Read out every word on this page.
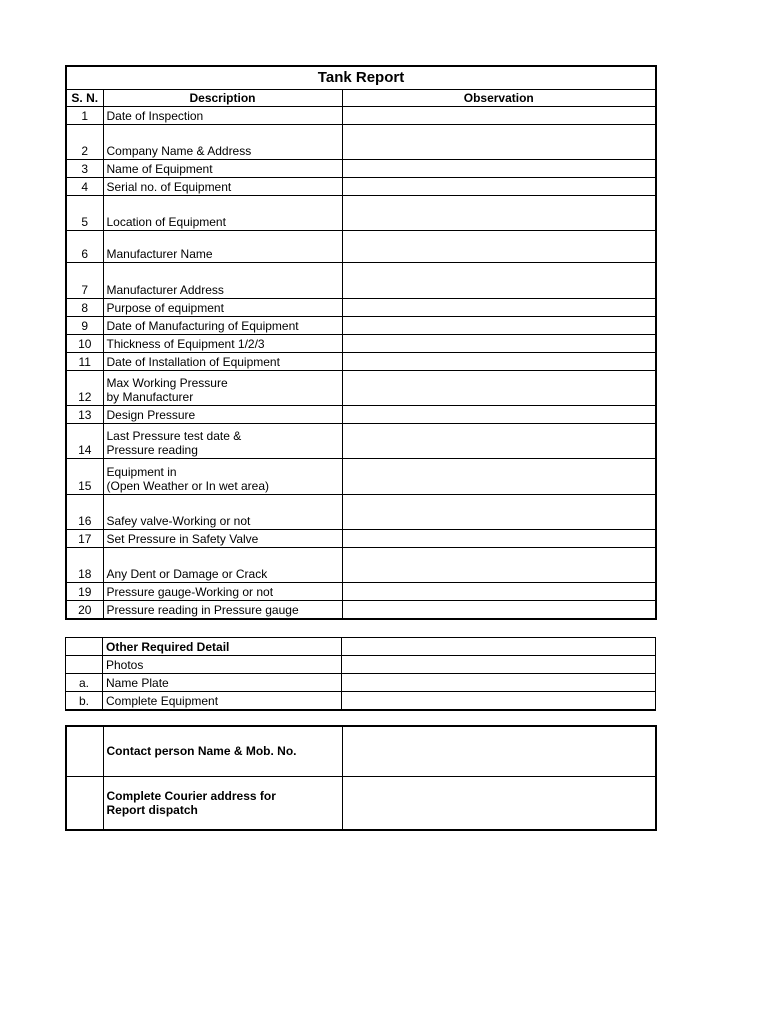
Tank Report		
S. N.	Description	Observation
1	Date of Inspection	
2	Company Name & Address	
3	Name of Equipment	
4	Serial no. of Equipment	
5	Location of Equipment	
6	Manufacturer Name	
7	Manufacturer Address	
8	Purpose of equipment	
9	Date of Manufacturing of Equipment	
10	Thickness of Equipment 1/2/3	
11	Date of Installation of Equipment	
12	Max Working Pressure
by Manufacturer	
13	Design Pressure	
14	Last Pressure test date &
Pressure reading	
15	Equipment in
(Open Weather or In wet area)	
16	Safey valve-Working or not	
17	Set Pressure in Safety Valve	
18	Any Dent or Damage or Crack	
19	Pressure gauge-Working or not	
20	Pressure reading in Pressure gauge	
	Other Required Detail	
	Photos	
a.	Name Plate	
b.	Complete Equipment	
	Contact person Name & Mob. No.	
	Complete Courier address for
Report dispatch	
